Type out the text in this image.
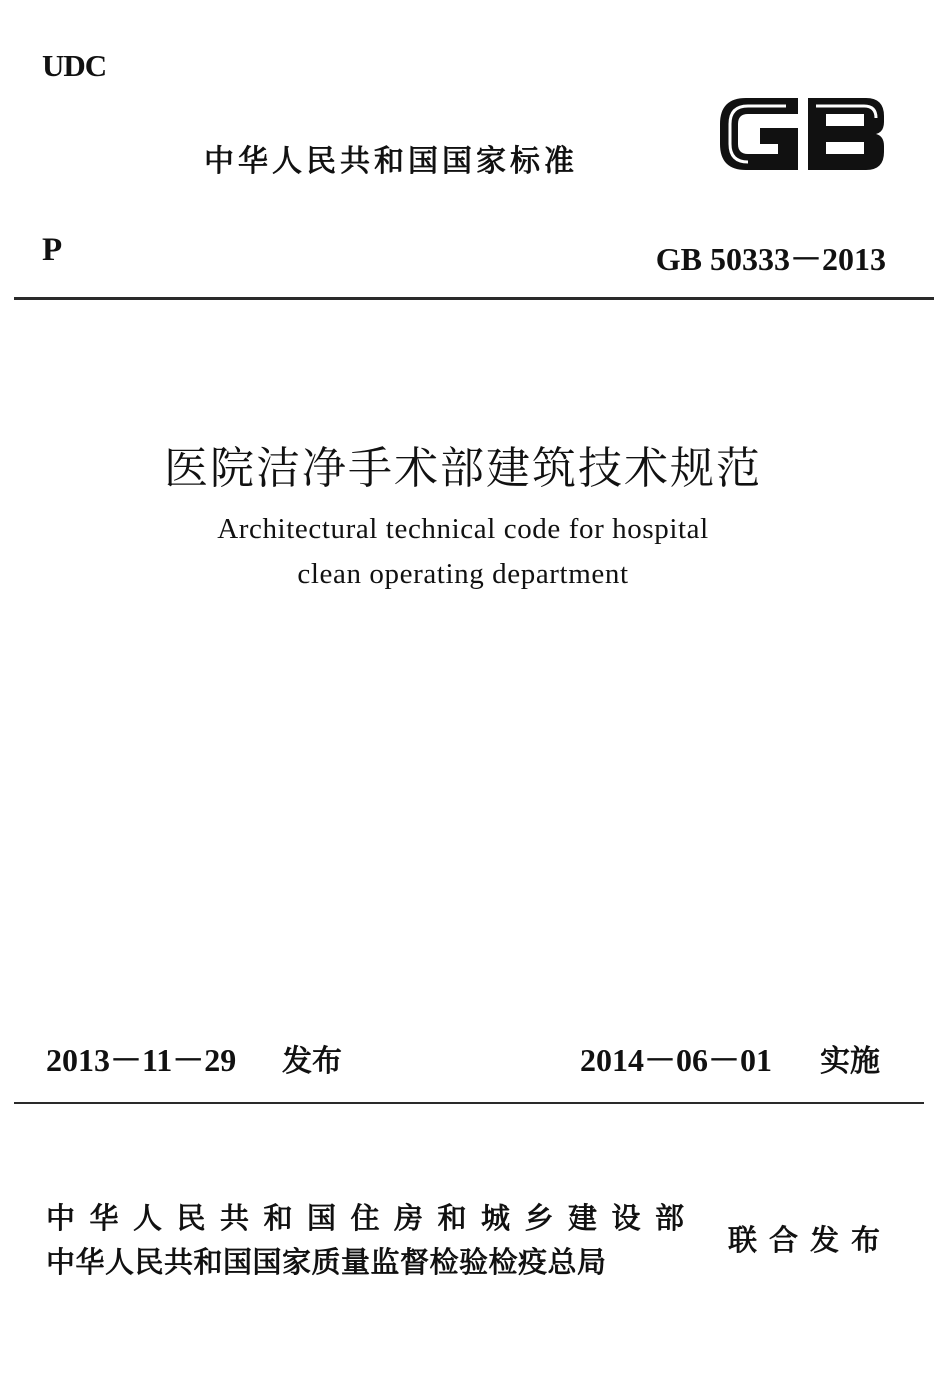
UDC
中华人民共和国国家标准
P	GB 50333－2013
医院洁净手术部建筑技术规范
Architectural technical code for hospital
clean operating department
2013－11－29 发布	2014－06－01 实施
中华人民共和国住房和城乡建设部
中华人民共和国国家质量监督检验检疫总局
联合发布
